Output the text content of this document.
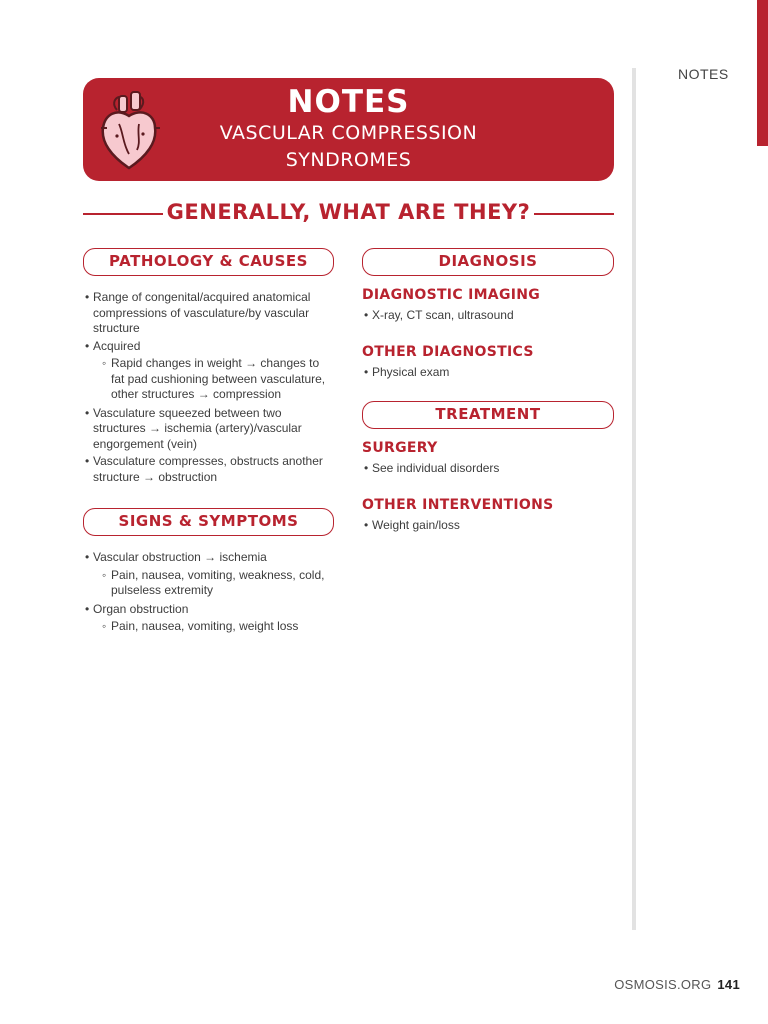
NOTES
NOTES
VASCULAR COMPRESSION
SYNDROMES
GENERALLY, WHAT ARE THEY?
PATHOLOGY & CAUSES
• Range of congenital/acquired anatomical compressions of vasculature/by vascular structure
• Acquired
◦ Rapid changes in weight → changes to fat pad cushioning between vasculature, other structures → compression
• Vasculature squeezed between two structures → ischemia (artery)/vascular engorgement (vein)
• Vasculature compresses, obstructs another structure → obstruction
SIGNS & SYMPTOMS
• Vascular obstruction → ischemia
◦ Pain, nausea, vomiting, weakness, cold, pulseless extremity
• Organ obstruction
◦ Pain, nausea, vomiting, weight loss
DIAGNOSIS
DIAGNOSTIC IMAGING
• X-ray, CT scan, ultrasound
OTHER DIAGNOSTICS
• Physical exam
TREATMENT
SURGERY
• See individual disorders
OTHER INTERVENTIONS
• Weight gain/loss
OSMOSIS.ORG 141
